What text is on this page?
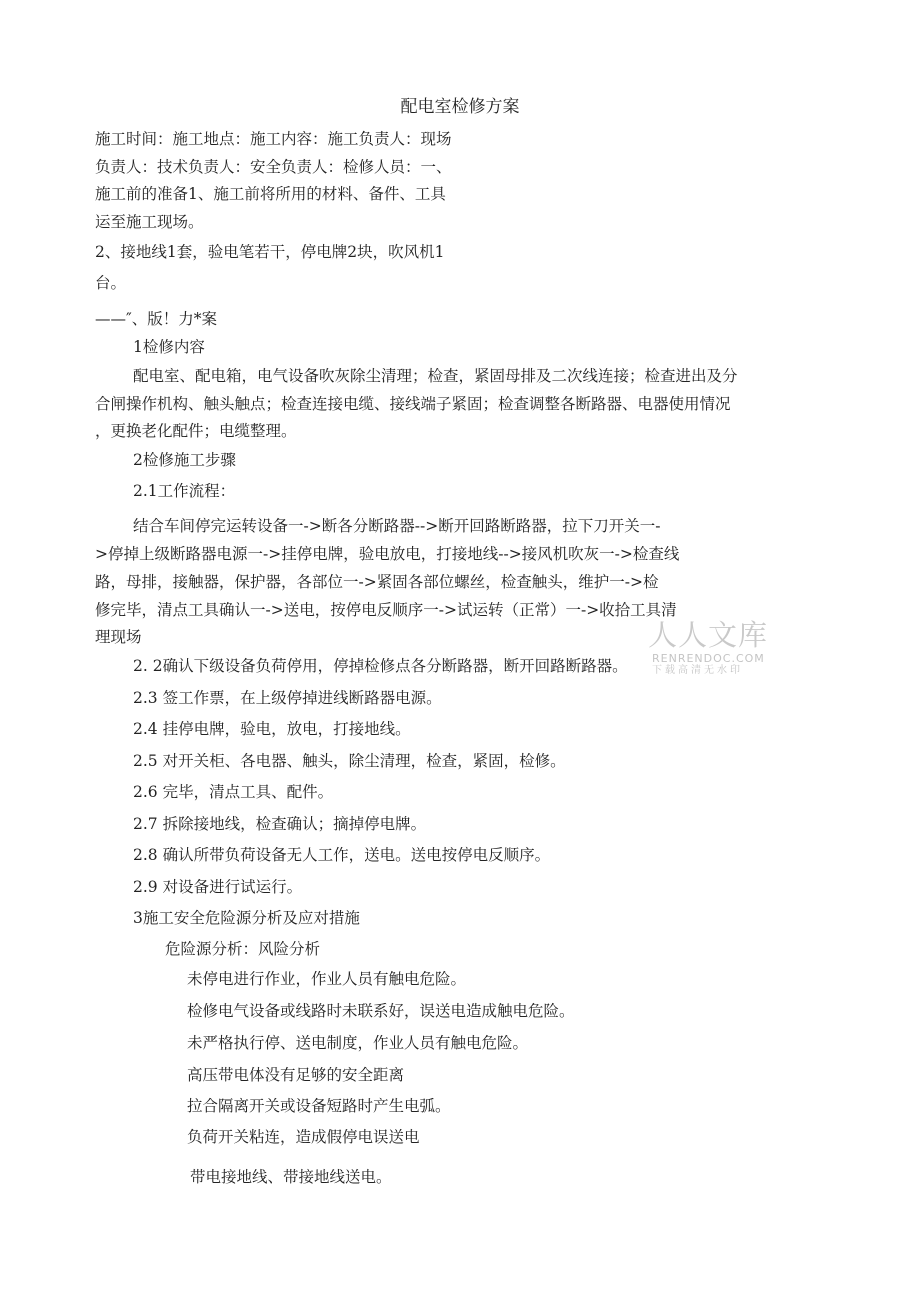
配电室检修方案
施工时间：施工地点：施工内容：施工负责人：现场
负责人：技术负责人：安全负责人：检修人员：一、
施工前的准备1、施工前将所用的材料、备件、工具
运至施工现场。
2、接地线1套，验电笔若干，停电牌2块，吹风机1
台。
——″、版！力*案
1检修内容
配电室、配电箱，电气设备吹灰除尘清理；检查，紧固母排及二次线连接；检查进出及分
合闸操作机构、触头触点；检查连接电缆、接线端子紧固；检查调整各断路器、电器使用情况
，更换老化配件；电缆整理。
2检修施工步骤
2.1工作流程：
结合车间停完运转设备一->断各分断路器-->断开回路断路器，拉下刀开关一-
>停掉上级断路器电源一->挂停电牌，验电放电，打接地线-->接风机吹灰一->检查线
路，母排，接触器，保护器，各部位一->紧固各部位螺丝，检查触头，维护一->检
修完毕，清点工具确认一->送电，按停电反顺序一->试运转（正常）一->收拾工具清
理现场
2. 2确认下级设备负荷停用，停掉检修点各分断路器，断开回路断路器。
2.3 签工作票，在上级停掉进线断路器电源。
2.4 挂停电牌，验电，放电，打接地线。
2.5 对开关柜、各电器、触头，除尘清理，检查，紧固，检修。
2.6 完毕，清点工具、配件。
2.7 拆除接地线，检查确认；摘掉停电牌。
2.8 确认所带负荷设备无人工作，送电。送电按停电反顺序。
2.9 对设备进行试运行。
3施工安全危险源分析及应对措施
危险源分析：风险分析
未停电进行作业，作业人员有触电危险。
检修电气设备或线路时未联系好，误送电造成触电危险。
未严格执行停、送电制度，作业人员有触电危险。
高压带电体没有足够的安全距离
拉合隔离开关或设备短路时产生电弧。
负荷开关粘连，造成假停电误送电
带电接地线、带接地线送电。
人人文库
RENRENDOC.COM
下载高清无水印
